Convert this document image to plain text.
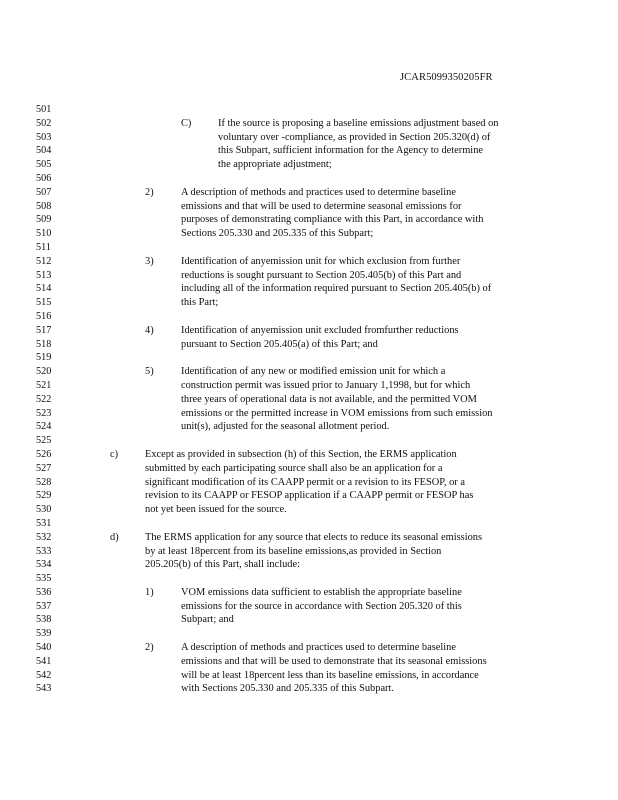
JCAR5099350205FR
501
502
503
504
505
506
507
508
509
510
511
512
513
514
515
516
517
518
519
520
521
522
523
524
525
526
527
528
529
530
531
532
533
534
535
536
537
538
539
540
541
542
543
C)	If the source is proposing a baseline emissions adjustment based on
voluntary over -compliance, as provided in Section 205.320(d) of
this Subpart, sufficient information for the Agency to determine
the appropriate adjustment;
2)	A description of methods and practices used to determine baseline
emissions and that will be used to determine seasonal emissions for
purposes of demonstrating compliance with this Part, in accordance with
Sections 205.330 and 205.335 of this Subpart;
3)	Identification of anyemission unit for which exclusion from further
reductions is sought pursuant to Section 205.405(b) of this Part and
including all of the information required pursuant to Section 205.405(b) of
this Part;
4)	Identification of anyemission unit excluded fromfurther reductions
pursuant to Section 205.405(a) of this Part; and
5)	Identification of any new or modified emission unit for which a
construction permit was issued prior to January 1,1998, but for which
three years of operational data is not available, and the permitted VOM
emissions or the permitted increase in VOM emissions from such emission
unit(s), adjusted for the seasonal allotment period.
c)	Except as provided in subsection (h) of this Section, the ERMS application
submitted by each participating source shall also be an application for a
significant modification of its CAAPP permit or a revision to its FESOP, or a
revision to its CAAPP or FESOP application if a CAAPP permit or FESOP has
not yet been issued for the source.
d)	The ERMS application for any source that elects to reduce its seasonal emissions
by at least 18percent from its baseline emissions,as provided in Section
205.205(b) of this Part, shall include:
1)	VOM emissions data sufficient to establish the appropriate baseline
emissions for the source in accordance with Section 205.320 of this
Subpart; and
2)	A description of methods and practices used to determine baseline
emissions and that will be used to demonstrate that its seasonal emissions
will be at least 18percent less than its baseline emissions, in accordance
with Sections 205.330 and 205.335 of this Subpart.
